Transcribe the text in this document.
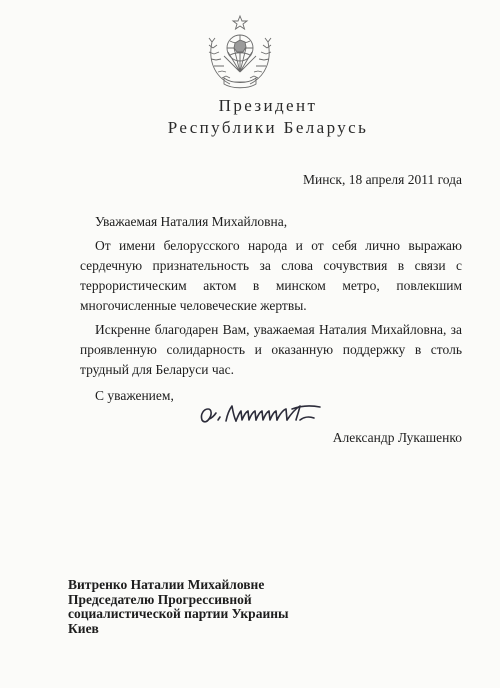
Президент
Республики Беларусь
Минск, 18 апреля 2011 года
Уважаемая Наталия Михайловна,
От имени белорусского народа и от себя лично выражаю сердечную признательность за слова сочувствия в связи с террористическим актом в минском метро, повлекшим многочисленные человеческие жертвы.
Искренне благодарен Вам, уважаемая Наталия Михайловна, за проявленную солидарность и оказанную поддержку в столь трудный для Беларуси час.
С уважением,
Александр Лукашенко
Витренко Наталии Михайловне
Председателю Прогрессивной
социалистической партии Украины
Киев
